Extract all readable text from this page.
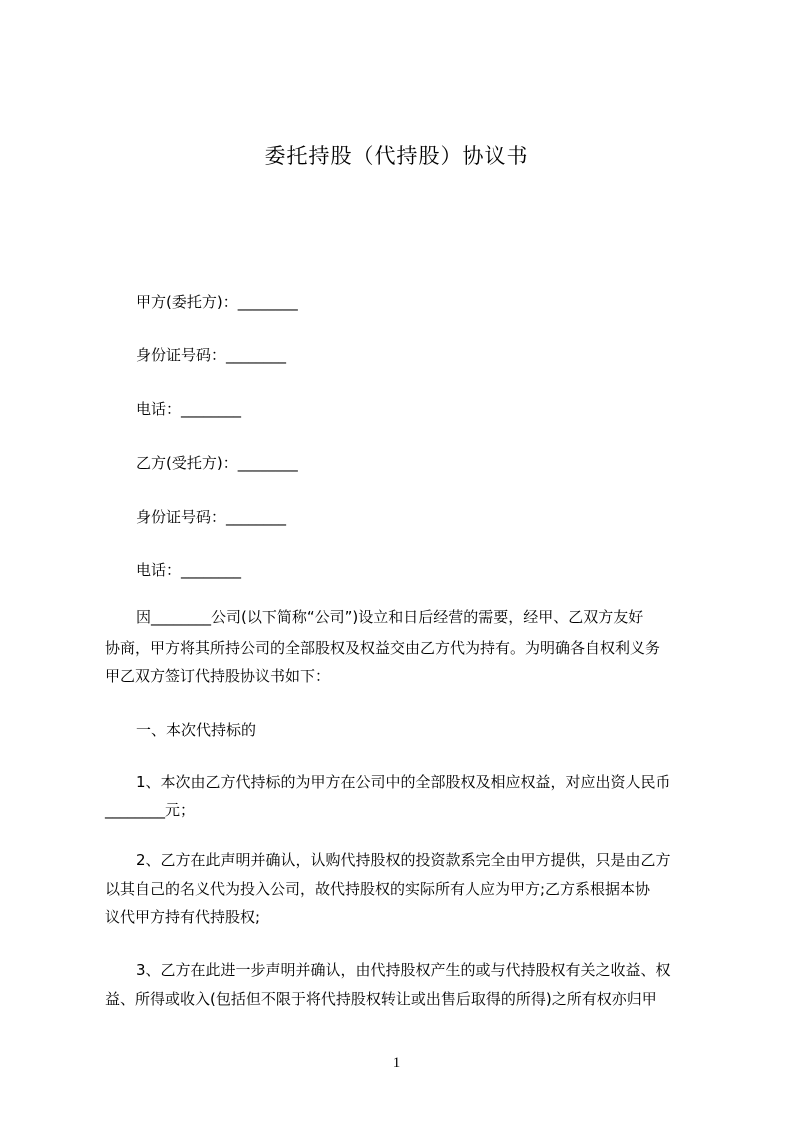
委托持股（代持股）协议书
甲方(委托方)：________
身份证号码：________
电话：________
乙方(受托方)：________
身份证号码：________
电话：________
因________公司(以下简称“公司”)设立和日后经营的需要，经甲、乙双方友好
协商，甲方将其所持公司的全部股权及权益交由乙方代为持有。为明确各自权利义务
甲乙双方签订代持股协议书如下：
一、本次代持标的
1、本次由乙方代持标的为甲方在公司中的全部股权及相应权益，对应出资人民币
________元；
2、乙方在此声明并确认，认购代持股权的投资款系完全由甲方提供，只是由乙方
以其自己的名义代为投入公司，故代持股权的实际所有人应为甲方;乙方系根据本协
议代甲方持有代持股权;
3、乙方在此进一步声明并确认，由代持股权产生的或与代持股权有关之收益、权
益、所得或收入(包括但不限于将代持股权转让或出售后取得的所得)之所有权亦归甲
1
